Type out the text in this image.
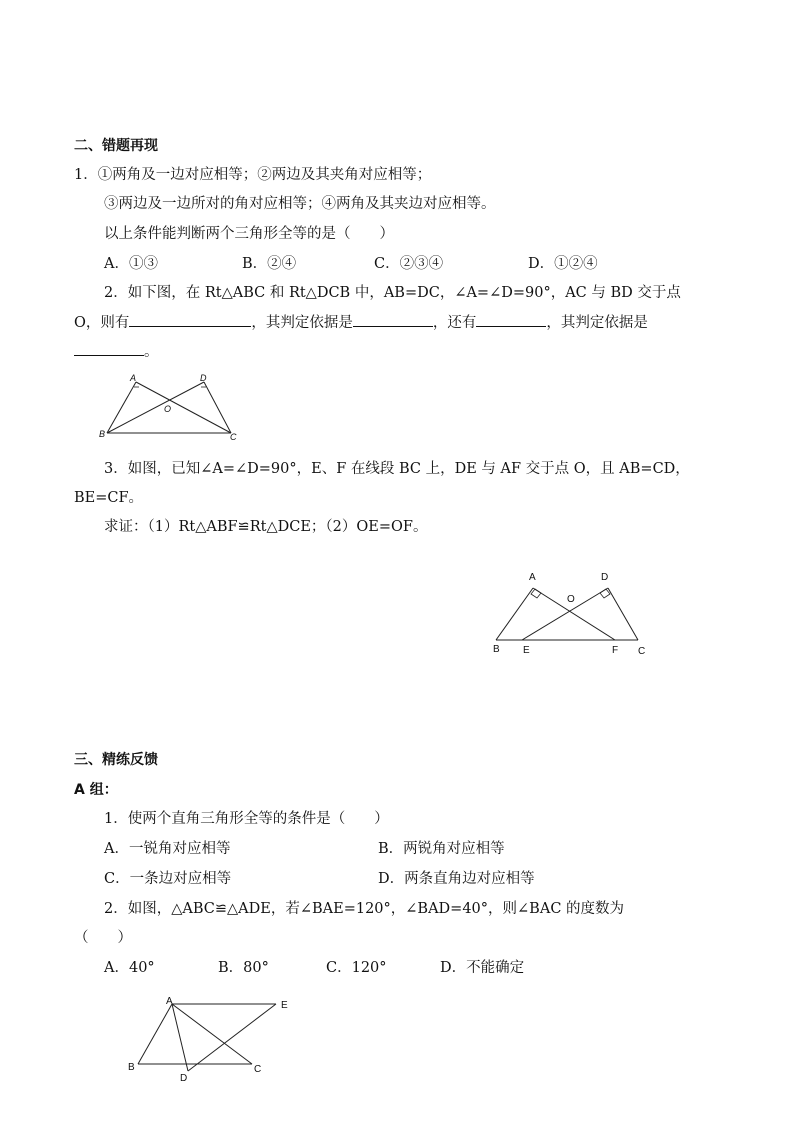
二、错题再现
1．①两角及一边对应相等；②两边及其夹角对应相等；
③两边及一边所对的角对应相等；④两角及其夹边对应相等。
以上条件能判断两个三角形全等的是（　　）
A．①③	B．②④	C．②③④	D．①②④
2．如下图，在 Rt△ABC 和 Rt△DCB 中，AB=DC，∠A=∠D=90°，AC 与 BD 交于点
O，则有	，其判定依据是	，还有	，其判定依据是
。
A	D
O
B	C
3．如图，已知∠A=∠D=90°，E、F 在线段 BC 上，DE 与 AF 交于点 O，且 AB=CD，
BE=CF。
求证：（1）Rt△ABF≌Rt△DCE；（2）OE=OF。
A	D
O
B E	F C
三、精练反馈
A 组：
1．使两个直角三角形全等的条件是（　　）
A．一锐角对应相等	B．两锐角对应相等
C．一条边对应相等	D．两条直角边对应相等
2．如图，△ABC≌△ADE，若∠BAE=120°，∠BAD=40°，则∠BAC 的度数为
（　　）
A．40°	B．80°	C．120°	D．不能确定
A	E
B
D
C
